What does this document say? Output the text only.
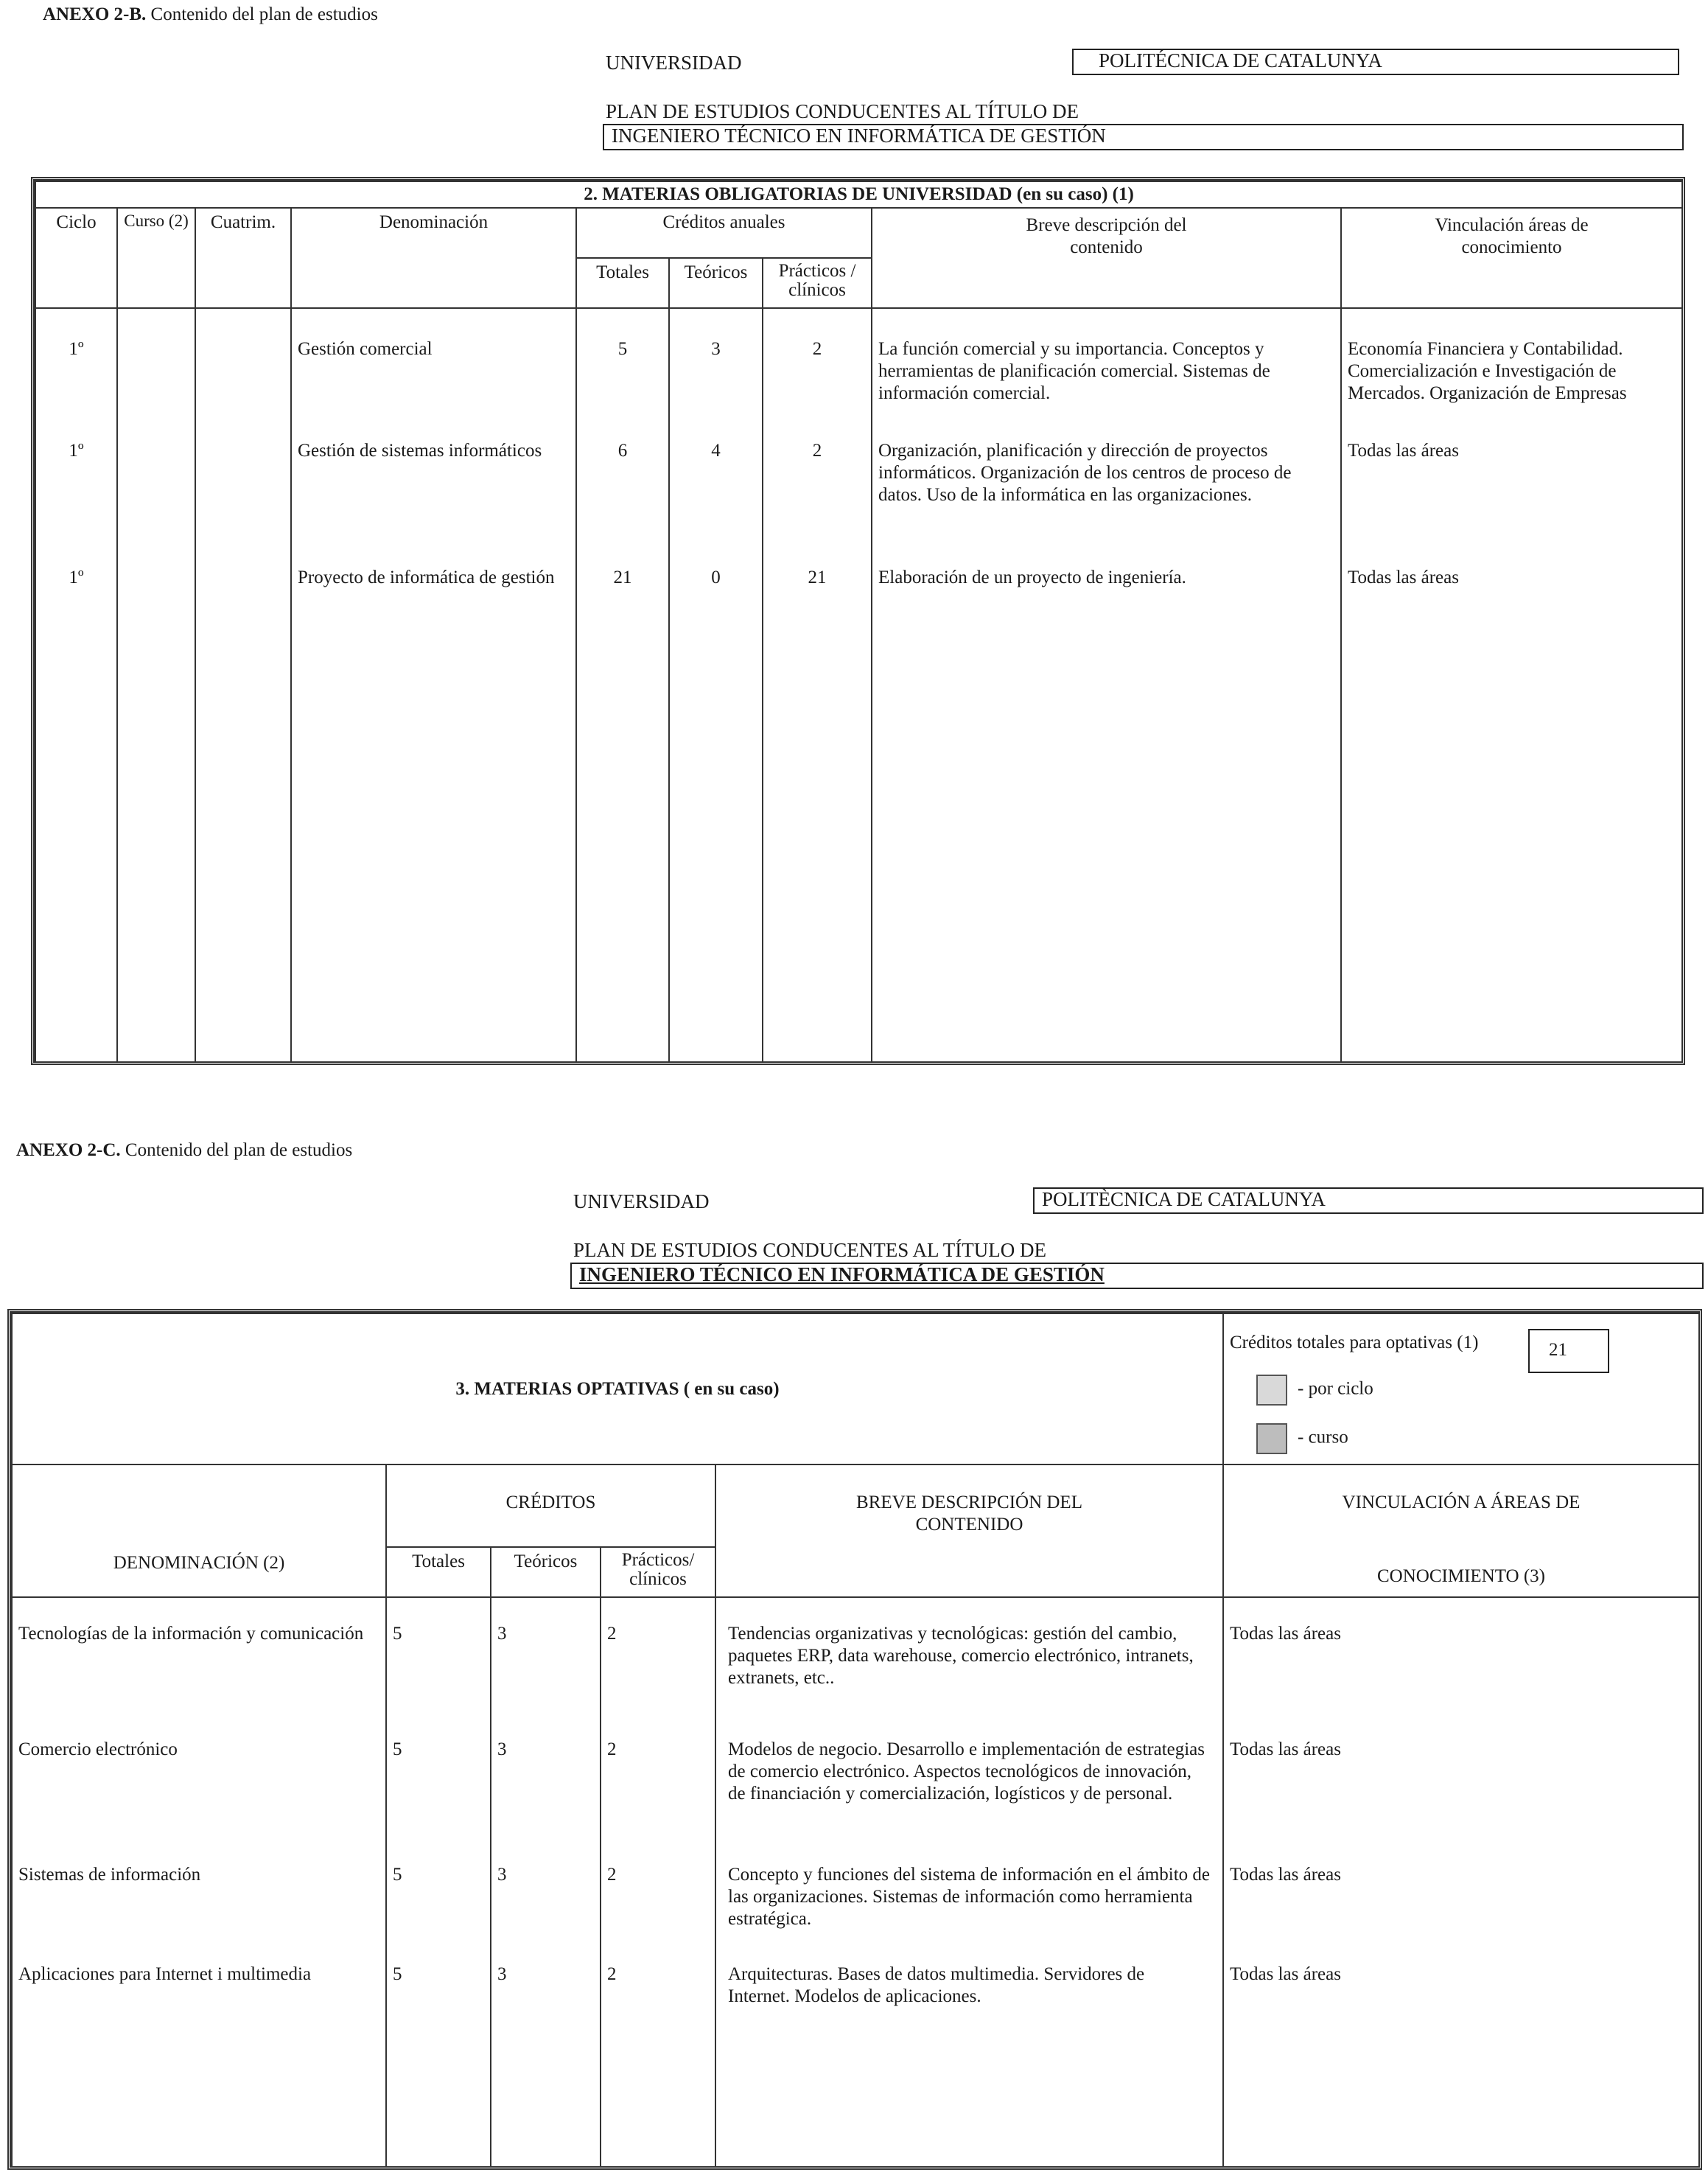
ANEXO 2-B. Contenido del plan de estudios
UNIVERSIDAD	POLITÉCNICA DE CATALUNYA
PLAN DE ESTUDIOS CONDUCENTES AL TÍTULO DE
INGENIERO TÉCNICO EN INFORMÁTICA DE GESTIÓN
2. MATERIAS OBLIGATORIAS DE UNIVERSIDAD (en su caso) (1)								
Ciclo	Curso (2)	Cuatrim.	Denominación	Créditos anuales			Breve descripción del contenido	Vinculación áreas de conocimiento
				Totales	Teóricos	Prácticos / clínicos		
1º			Gestión comercial	5	3	2	La función comercial y su importancia. Conceptos y herramientas de planificación comercial. Sistemas de información comercial.	Economía Financiera y Contabilidad. Comercialización e Investigación de Mercados. Organización de Empresas
1º			Gestión de sistemas informáticos	6	4	2	Organización, planificación y dirección de proyectos informáticos. Organización de los centros de proceso de datos. Uso de la informática en las organizaciones.	Todas las áreas
1º			Proyecto de informática de gestión	21	0	21	Elaboración de un proyecto de ingeniería.	Todas las áreas
ANEXO 2-C. Contenido del plan de estudios
UNIVERSIDAD	POLITÈCNICA DE CATALUNYA
PLAN DE ESTUDIOS CONDUCENTES AL TÍTULO DE
INGENIERO TÉCNICO EN INFORMÁTICA DE GESTIÓN
3. MATERIAS OPTATIVAS ( en su caso)					Créditos totales para optativas (1) 21
- por ciclo
- curso

DENOMINACIÓN (2)	CRÉDITOS			BREVE DESCRIPCIÓN DEL CONTENIDO	VINCULACIÓN A ÁREAS DE
CONOCIMIENTO (3)

	Totales	Teóricos	Prácticos/ clínicos		
Tecnologías de la información y comunicación	5	3	2	Tendencias organizativas y tecnológicas: gestión del cambio, paquetes ERP, data warehouse, comercio electrónico, intranets, extranets, etc..	Todas las áreas
Comercio electrónico	5	3	2	Modelos de negocio. Desarrollo e implementación de estrategias de comercio electrónico. Aspectos tecnológicos de innovación, de financiación y comercialización, logísticos y de personal.	Todas las áreas
Sistemas de información	5	3	2	Concepto y funciones del sistema de información en el ámbito de las organizaciones. Sistemas de información como herramienta estratégica.	Todas las áreas
Aplicaciones para Internet i multimedia	5	3	2	Arquitecturas. Bases de datos multimedia. Servidores de Internet. Modelos de aplicaciones.	Todas las áreas
